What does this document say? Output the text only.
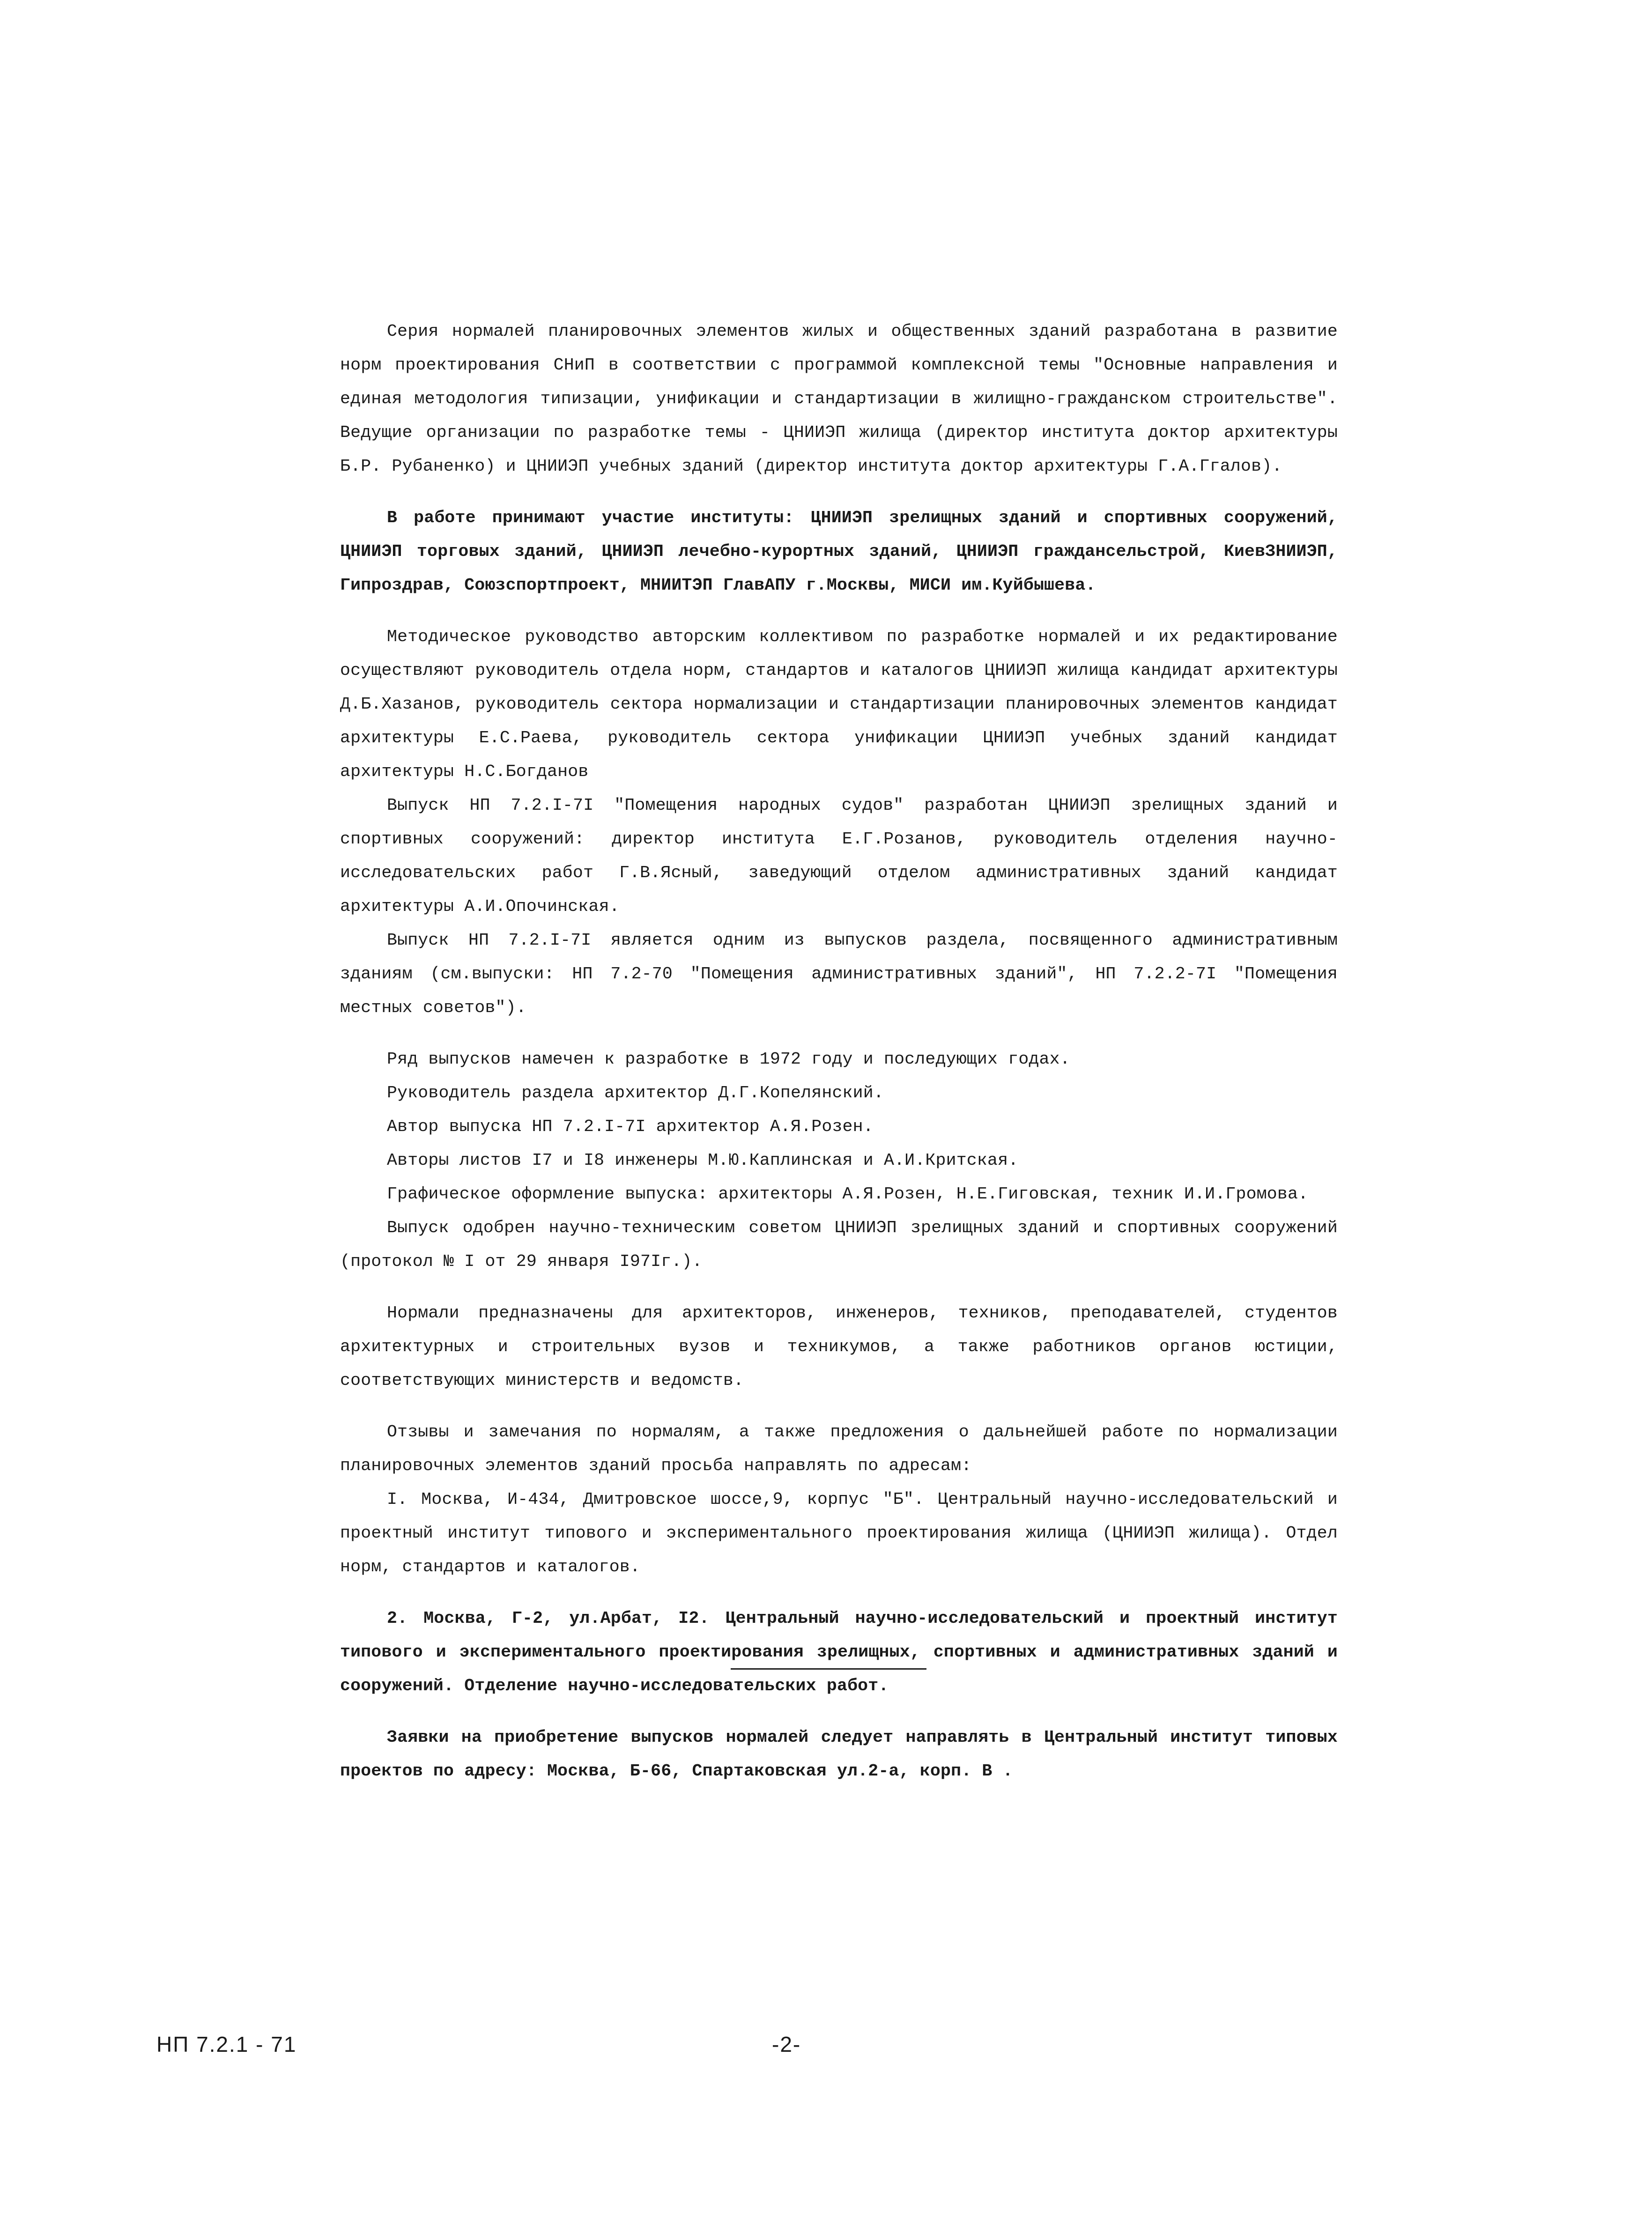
Серия нормалей планировочных элементов жилых и общественных зданий разработана в развитие норм проектирования СНиП в соответствии с программой комплексной темы "Основные направления и единая методология типизации, унификации и стандартизации в жилищно-гражданском строительстве". Ведущие организации по разработке темы - ЦНИИЭП жилища (директор института доктор архитектуры Б.Р. Рубаненко) и ЦНИИЭП учебных зданий (директор института доктор архитектуры Г.А.Ггалов).

В работе принимают участие институты: ЦНИИЭП зрелищных зданий и спортивных сооружений, ЦНИИЭП торговых зданий, ЦНИИЭП лечебно-курортных зданий, ЦНИИЭП граждансельстрой, КиевЗНИИЭП, Гипроздрав, Союзспортпроект, МНИИТЭП ГлавАПУ г.Москвы, МИСИ им.Куйбышева.

Методическое руководство авторским коллективом по разработке нормалей и их редактирование осуществляют руководитель отдела норм, стандартов и каталогов ЦНИИЭП жилища кандидат архитектуры Д.Б.Хазанов, руководитель сектора нормализации и стандартизации планировочных элементов кандидат архитектуры Е.С.Раева, руководитель сектора унификации ЦНИИЭП учебных зданий кандидат архитектуры Н.С.Богданов

Выпуск НП 7.2.I-7I "Помещения народных судов" разработан ЦНИИЭП зрелищных зданий и спортивных сооружений: директор института Е.Г.Розанов, руководитель отделения научно-исследовательских работ Г.В.Ясный, заведующий отделом административных зданий кандидат архитектуры А.И.Опочинская.

Выпуск НП 7.2.I-7I является одним из выпусков раздела, посвященного административным зданиям (см.выпуски: НП 7.2-70 "Помещения административных зданий", НП 7.2.2-7I "Помещения местных советов").

Ряд выпусков намечен к разработке в 1972 году и последующих годах.

Руководитель раздела архитектор Д.Г.Копелянский.

Автор выпуска НП 7.2.I-7I архитектор А.Я.Розен.

Авторы листов I7 и I8 инженеры М.Ю.Каплинская и А.И.Критская.

Графическое оформление выпуска: архитекторы А.Я.Розен, Н.Е.Гиговская, техник И.И.Громова.

Выпуск одобрен научно-техническим советом ЦНИИЭП зрелищных зданий и спортивных сооружений (протокол № I от 29 января I97Iг.).

Нормали предназначены для архитекторов, инженеров, техников, преподавателей, студентов архитектурных и строительных вузов и техникумов, а также работников органов юстиции, соответствующих министерств и ведомств.

Отзывы и замечания по нормалям, а также предложения о дальнейшей работе по нормализации планировочных элементов зданий просьба направлять по адресам:

I. Москва, И-434, Дмитровское шоссе,9, корпус "Б". Центральный научно-исследовательский и проектный институт типового и экспериментального проектирования жилища (ЦНИИЭП жилища). Отдел норм, стандартов и каталогов.

2. Москва, Г-2, ул.Арбат, I2. Центральный научно-исследовательский и проектный институт типового и экспериментального проектирования зрелищных, спортивных и административных зданий и сооружений. Отделение научно-исследовательских работ.

Заявки на приобретение выпусков нормалей следует направлять в Центральный институт типовых проектов по адресу: Москва, Б-66, Спартаковская ул.2-а, корп. В .

НП 7.2.1 - 71	-2-
